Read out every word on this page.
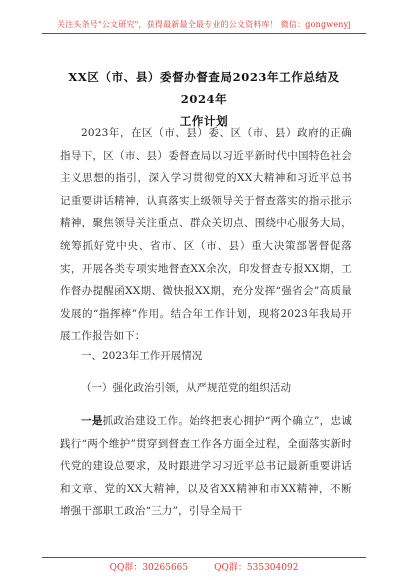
关注头条号"公文研究"，获得最新最全最专业的公文资料库！ 微信：gongwenyj
XX区（市、县）委督办督查局2023年工作总结及2024年
工作计划
2023年，在区（市、县）委、区（市、县）政府的正确指导下，区（市、县）委督查局以习近平新时代中国特色社会主义思想的指引，深入学习贯彻党的XX大精神和习近平总书记重要讲话精神，认真落实上级领导关于督查落实的指示批示精神，聚焦领导关注重点、群众关切点、围绕中心服务大局，统筹抓好党中央、省市、区（市、县）重大决策部署督促落实，开展各类专项实地督查XX余次，印发督查专报XX期，工作督办提醒函XX期、微快报XX期，充分发挥“强省会”高质量发展的“指挥棒”作用。结合年工作计划，现将2023年我局开展工作报告如下：
一、2023年工作开展情况
（一）强化政治引领，从严规范党的组织活动
一是抓政治建设工作。始终把衷心拥护“两个确立”，忠诚践行“两个维护”贯穿到督查工作各方面全过程，全面落实新时代党的建设总要求，及时跟进学习习近平总书记最新重要讲话和文章、党的XX大精神，以及省XX精神和市XX精神，不断增强干部职工政治“三力”，引导全局干
QQ群：30265665	QQ群：535304092
